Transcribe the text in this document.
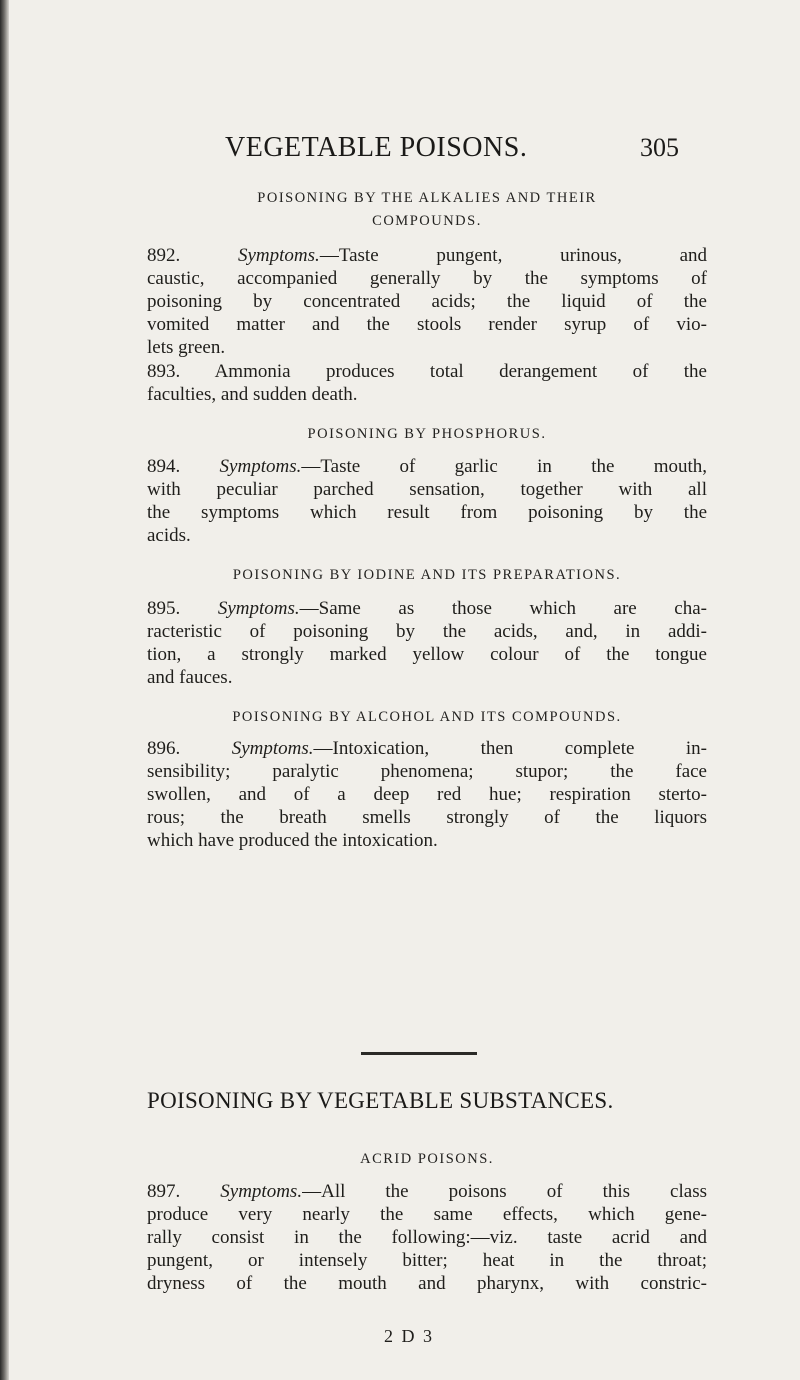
VEGETABLE POISONS.	305
POISONING BY THE ALKALIES AND THEIR
COMPOUNDS.
892. Symptoms.—Taste pungent, urinous, and
caustic, accompanied generally by the symptoms of
poisoning by concentrated acids; the liquid of the
vomited matter and the stools render syrup of vio-
lets green.
893. Ammonia produces total derangement of the
faculties, and sudden death.
POISONING BY PHOSPHORUS.
894. Symptoms.—Taste of garlic in the mouth,
with peculiar parched sensation, together with all
the symptoms which result from poisoning by the
acids.
POISONING BY IODINE AND ITS PREPARATIONS.
895. Symptoms.—Same as those which are cha-
racteristic of poisoning by the acids, and, in addi-
tion, a strongly marked yellow colour of the tongue
and fauces.
POISONING BY ALCOHOL AND ITS COMPOUNDS.
896. Symptoms.—Intoxication, then complete in-
sensibility; paralytic phenomena; stupor; the face
swollen, and of a deep red hue; respiration sterto-
rous; the breath smells strongly of the liquors
which have produced the intoxication.
POISONING BY VEGETABLE SUBSTANCES.
ACRID POISONS.
897. Symptoms.—All the poisons of this class
produce very nearly the same effects, which gene-
rally consist in the following:—viz. taste acrid and
pungent, or intensely bitter; heat in the throat;
dryness of the mouth and pharynx, with constric-
2 D 3
